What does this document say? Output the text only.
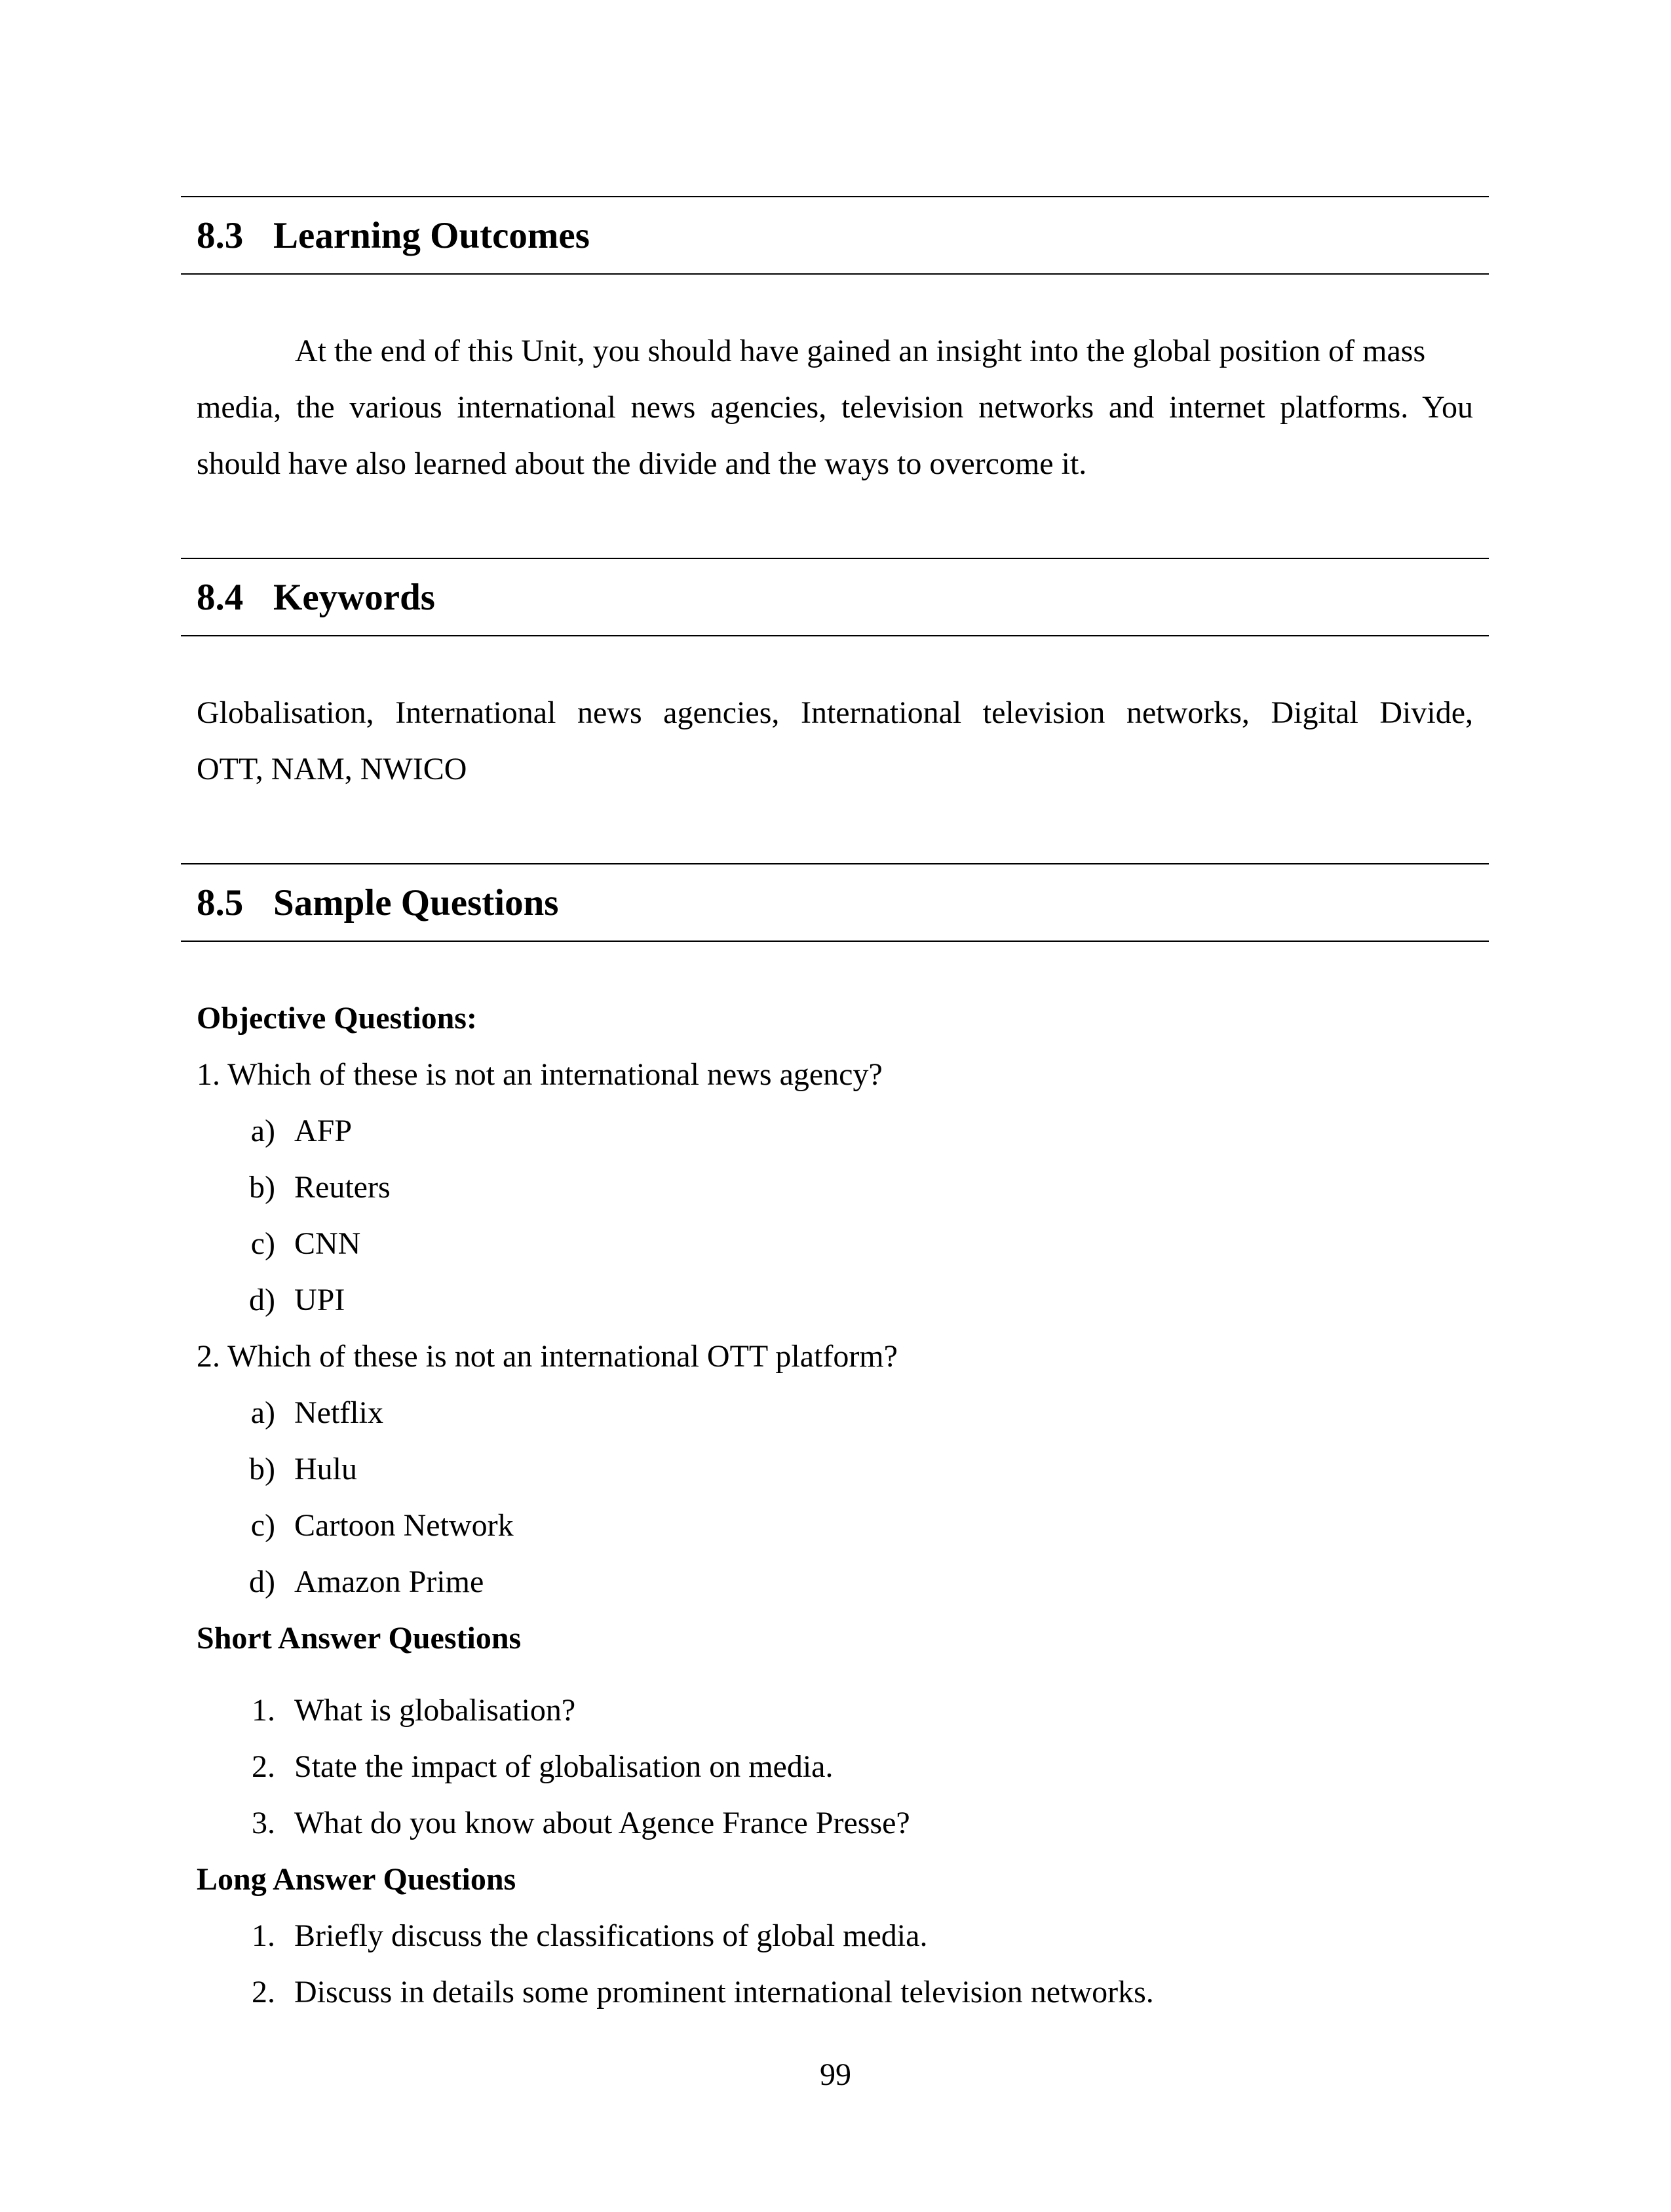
8.3 Learning Outcomes
At the end of this Unit, you should have gained an insight into the global position of mass
media, the various international news agencies, television networks and internet platforms. You
should have also learned about the divide and the ways to overcome it.
8.4 Keywords
Globalisation, International news agencies, International television networks, Digital Divide,
OTT, NAM, NWICO
8.5 Sample Questions
Objective Questions:
1. Which of these is not an international news agency?
a) AFP
b) Reuters
c) CNN
d) UPI
2. Which of these is not an international OTT platform?
a) Netflix
b) Hulu
c) Cartoon Network
d) Amazon Prime
Short Answer Questions
1. What is globalisation?
2. State the impact of globalisation on media.
3. What do you know about Agence France Presse?
Long Answer Questions
1. Briefly discuss the classifications of global media.
2. Discuss in details some prominent international television networks.
99
